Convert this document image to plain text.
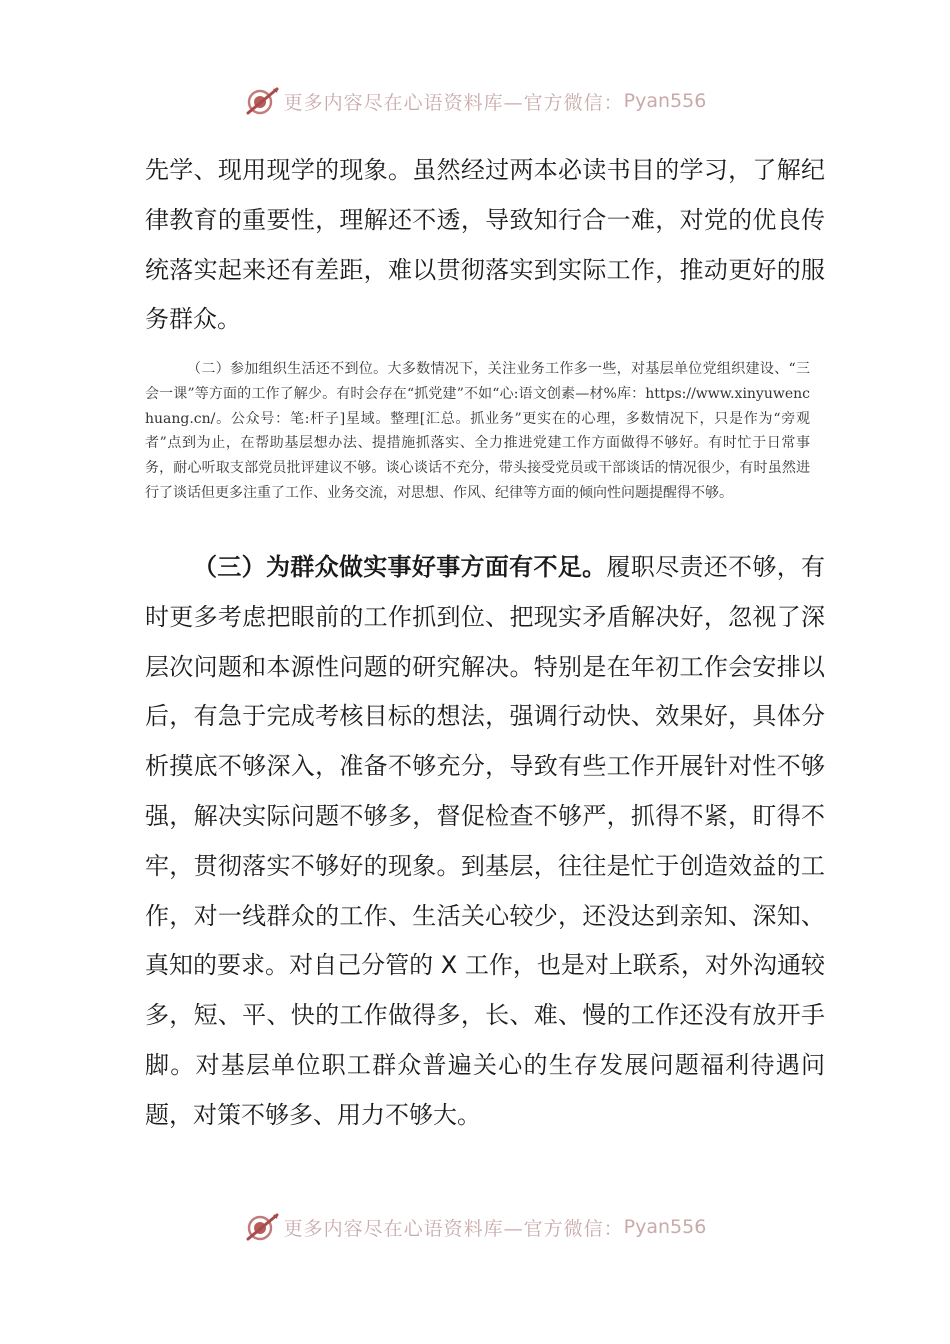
更多内容尽在心语资料库—官方微信： Pyan556

先学、现用现学的现象。虽然经过两本必读书目的学习，了解纪律教育的重要性，理解还不透，导致知行合一难，对党的优良传统落实起来还有差距，难以贯彻落实到实际工作，推动更好的服务群众。

（二）参加组织生活还不到位。大多数情况下，关注业务工作多一些，对基层单位党组织建设、“三会一课”等方面的工作了解少。有时会存在“抓党建”不如“心:语文创素—材%库：https://www.xinyuwenchuang.cn/。公众号：笔:杆子]星域。整理[汇总。抓业务”更实在的心理，多数情况下，只是作为“旁观者”点到为止，在帮助基层想办法、提措施抓落实、全力推进党建工作方面做得不够好。有时忙于日常事务，耐心听取支部党员批评建议不够。谈心谈话不充分，带头接受党员或干部谈话的情况很少，有时虽然进行了谈话但更多注重了工作、业务交流，对思想、作风、纪律等方面的倾向性问题提醒得不够。

（三）为群众做实事好事方面有不足。履职尽责还不够，有时更多考虑把眼前的工作抓到位、把现实矛盾解决好，忽视了深层次问题和本源性问题的研究解决。特别是在年初工作会安排以后，有急于完成考核目标的想法，强调行动快、效果好，具体分析摸底不够深入，准备不够充分，导致有些工作开展针对性不够强，解决实际问题不够多，督促检查不够严，抓得不紧，盯得不牢，贯彻落实不够好的现象。到基层，往往是忙于创造效益的工作，对一线群众的工作、生活关心较少，还没达到亲知、深知、真知的要求。对自己分管的 X 工作，也是对上联系，对外沟通较多，短、平、快的工作做得多，长、难、慢的工作还没有放开手脚。对基层单位职工群众普遍关心的生存发展问题福利待遇问题，对策不够多、用力不够大。

更多内容尽在心语资料库—官方微信： Pyan556
